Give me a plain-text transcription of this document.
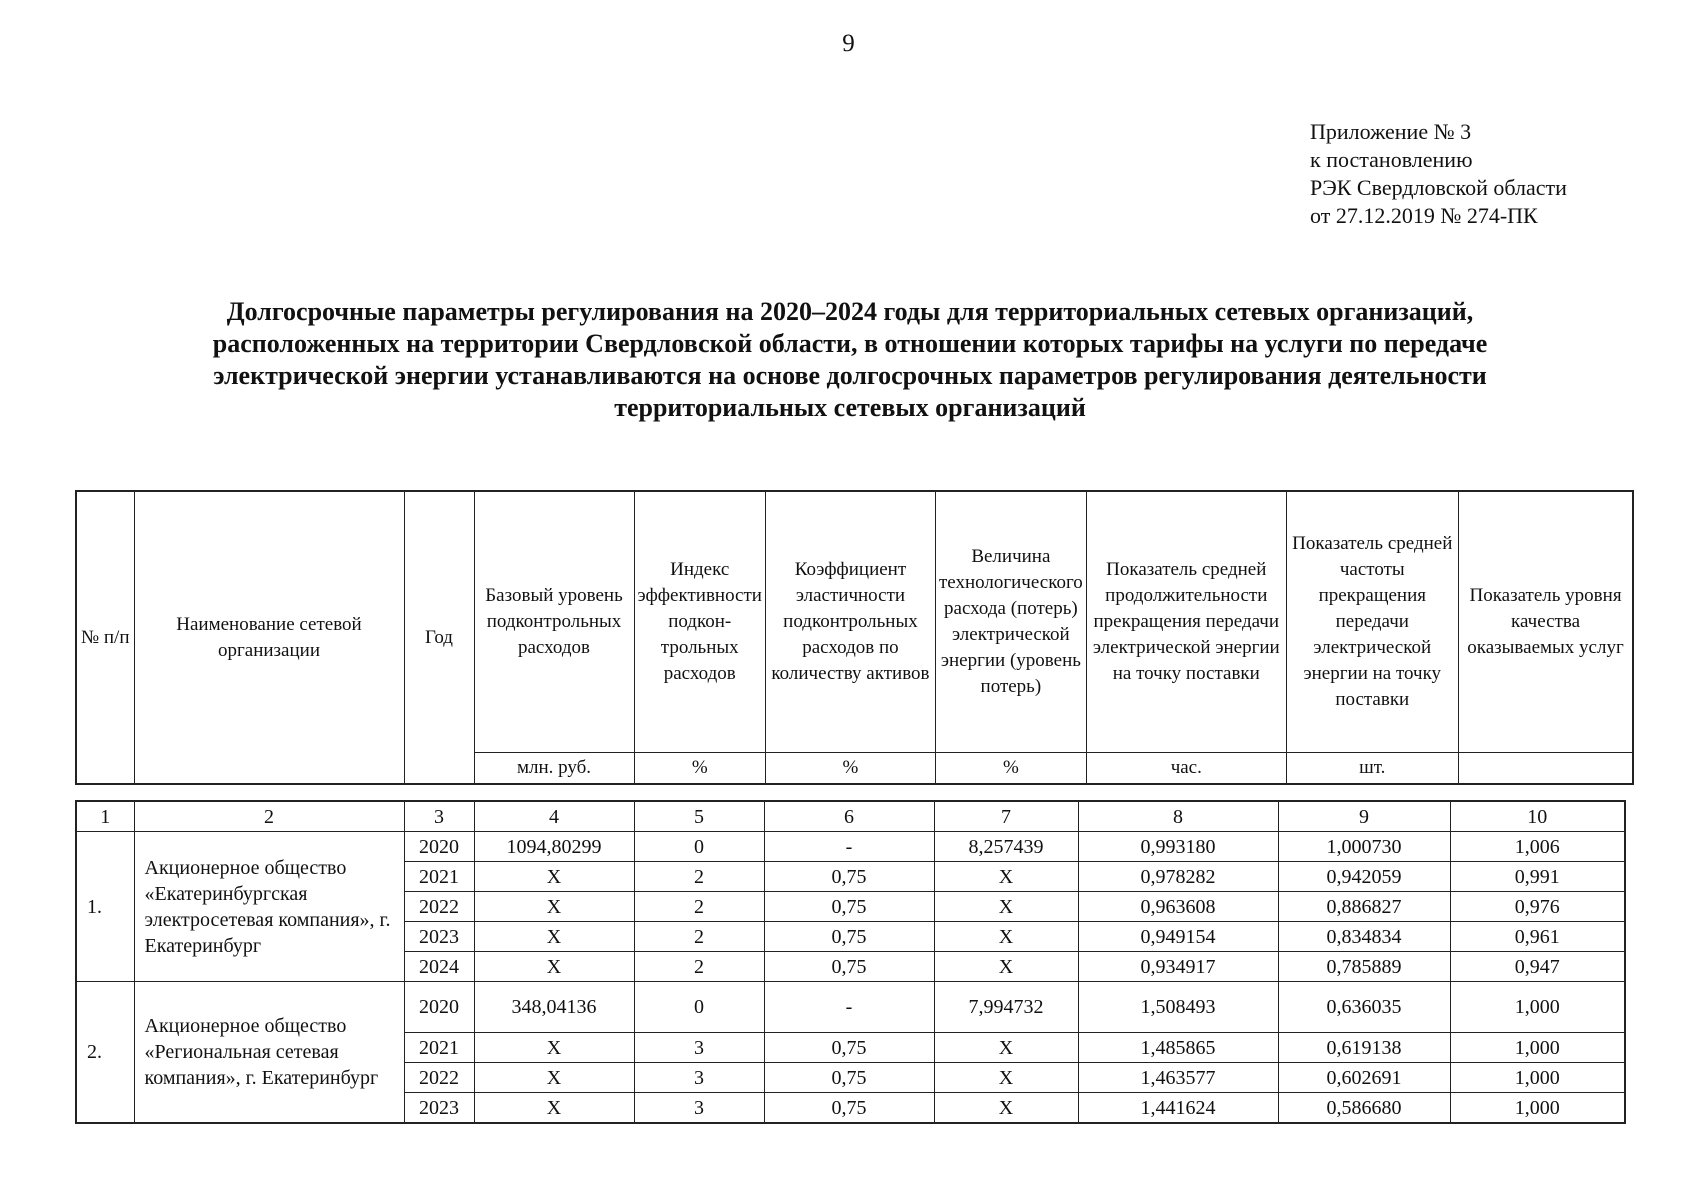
9
Приложение № 3
к постановлению
РЭК Свердловской области
от 27.12.2019 № 274-ПК
Долгосрочные параметры регулирования на 2020–2024 годы для территориальных сетевых организаций,
расположенных на территории Свердловской области, в отношении которых тарифы на услуги по передаче
электрической энергии устанавливаются на основе долгосрочных параметров регулирования деятельности
территориальных сетевых организаций
№ п/п	Наименование сетевой организации	Год	Базовый уровень подконтрольных расходов	Индекс эффективности подкон-трольных расходов	Коэффициент эластичности подконтрольных расходов по количеству активов	Величина технологического расхода (потерь) электрической энергии (уровень потерь)	Показатель средней продолжительности прекращения передачи электрической энергии на точку поставки	Показатель средней частоты прекращения передачи электрической энергии на точку поставки	Показатель уровня качества оказываемых услуг
			млн. руб.	%	%	%	час.	шт.	
1	2	3	4	5	6	7	8	9	10
1.	Акционерное общество «Екатеринбургская электросетевая компания», г. Екатеринбург	2020	1094,80299	0	-	8,257439	0,993180	1,000730	1,006
		2021	X	2	0,75	X	0,978282	0,942059	0,991
		2022	X	2	0,75	X	0,963608	0,886827	0,976
		2023	X	2	0,75	X	0,949154	0,834834	0,961
		2024	X	2	0,75	X	0,934917	0,785889	0,947
2.	Акционерное общество «Региональная сетевая компания», г. Екатеринбург	2020	348,04136	0	-	7,994732	1,508493	0,636035	1,000
		2021	X	3	0,75	X	1,485865	0,619138	1,000
		2022	X	3	0,75	X	1,463577	0,602691	1,000
		2023	X	3	0,75	X	1,441624	0,586680	1,000
